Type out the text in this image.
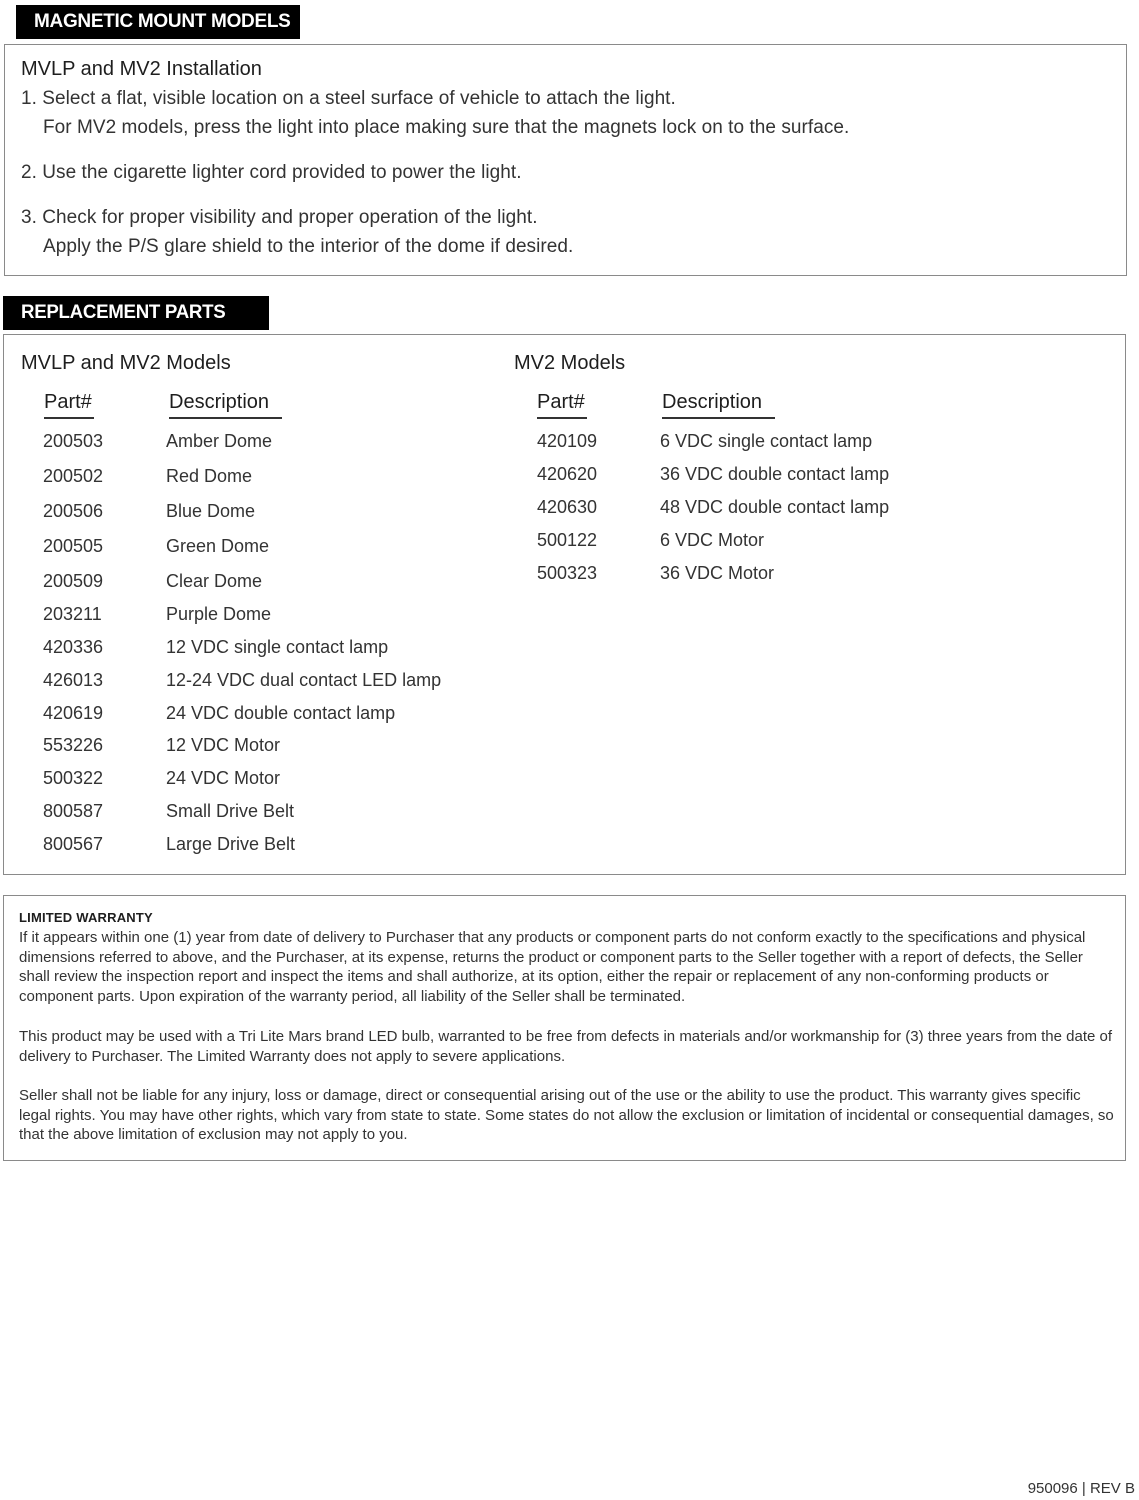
MAGNETIC MOUNT MODELS
MVLP and MV2 Installation
1. Select a flat, visible location on a steel surface of vehicle to attach the light.
For MV2 models, press the light into place making sure that the magnets lock on to the surface.
2. Use the cigarette lighter cord provided to power the light.
3. Check for proper visibility and proper operation of the light.
Apply the P/S glare shield to the interior of the dome if desired.
REPLACEMENT PARTS LIST
MVLP and MV2 Models
Part#	Description
200503	Amber Dome
200502	Red Dome
200506	Blue Dome
200505	Green Dome
200509	Clear Dome
203211	Purple Dome
420336	12 VDC single contact lamp
426013	12-24 VDC dual contact LED lamp
420619	24 VDC double contact lamp
553226	12 VDC Motor
500322	24 VDC Motor
800587	Small Drive Belt
800567	Large Drive Belt
MV2 Models
Part#	Description
420109	6 VDC single contact lamp
420620	36 VDC double contact lamp
420630	48 VDC double contact lamp
500122	6 VDC Motor
500323	36 VDC Motor
LIMITED WARRANTY
If it appears within one (1) year from date of delivery to Purchaser that any products or component parts do not conform exactly to the specifications and physical dimensions referred to above, and the Purchaser, at its expense, returns the product or component parts to the Seller together with a report of defects, the Seller shall review the inspection report and inspect the items and shall authorize, at its option, either the repair or replacement of any non-conforming products or component parts. Upon expiration of the warranty period, all liability of the Seller shall be terminated.
This product may be used with a Tri Lite Mars brand LED bulb, warranted to be free from defects in materials and/or workmanship for (3) three years from the date of delivery to Purchaser. The Limited Warranty does not apply to severe applications.
Seller shall not be liable for any injury, loss or damage, direct or consequential arising out of the use or the ability to use the product. This warranty gives specific legal rights. You may have other rights, which vary from state to state. Some states do not allow the exclusion or limitation of incidental or consequential damages, so that the above limitation of exclusion may not apply to you.
950096 | REV B
